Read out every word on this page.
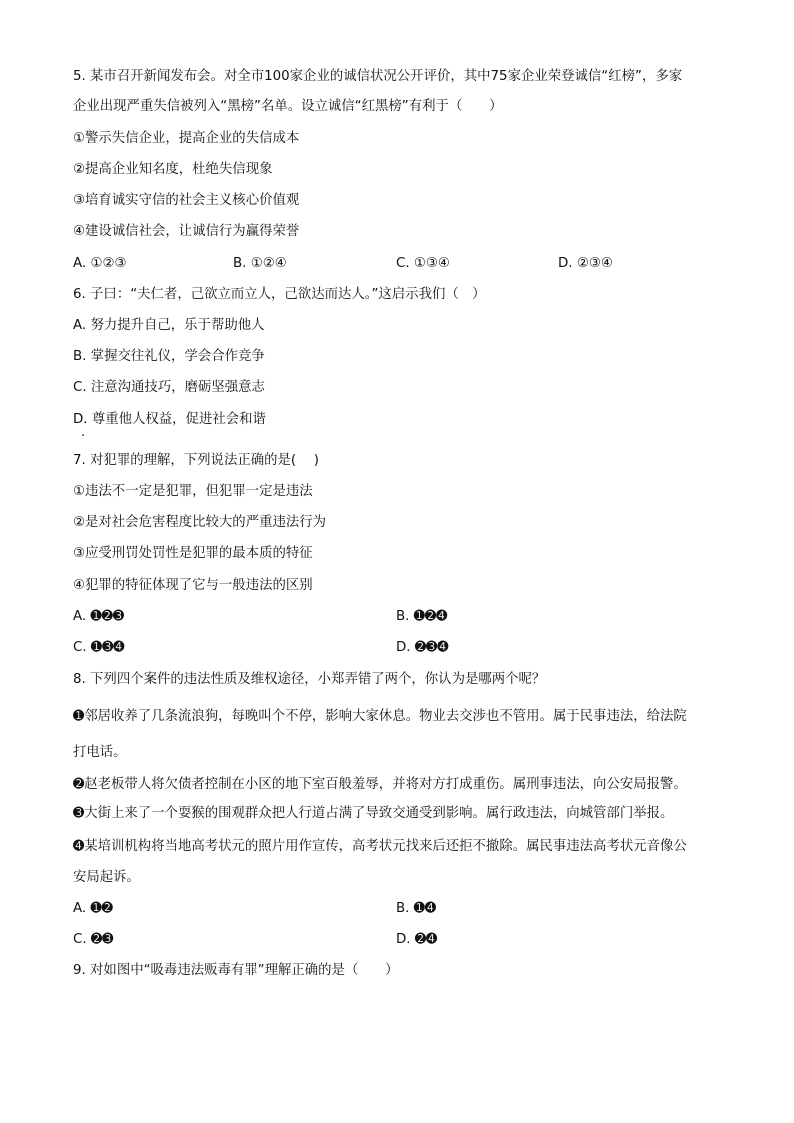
5. 某市召开新闻发布会。对全市100家企业的诚信状况公开评价，其中75家企业荣登诚信“红榜”，多家
企业出现严重失信被列入“黑榜”名单。设立诚信“红黑榜”有利于（　　）
①警示失信企业，提高企业的失信成本
②提高企业知名度，杜绝失信现象
③培育诚实守信的社会主义核心价值观
④建设诚信社会，让诚信行为赢得荣誉
A. ①②③	B. ①②④	C. ①③④	D. ②③④
6. 子曰：“夫仁者，己欲立而立人，己欲达而达人。”这启示我们（　）
A. 努力提升自己，乐于帮助他人
B. 掌握交往礼仪，学会合作竞争
C. 注意沟通技巧，磨砺坚强意志
D. 尊重他人权益，促进社会和谐
7. 对犯罪的理解，下列说法正确的是(　 )
①违法不一定是犯罪，但犯罪一定是违法
②是对社会危害程度比较大的严重违法行为
③应受刑罚处罚性是犯罪的最本质的特征
④犯罪的特征体现了它与一般违法的区别
A. ➊➋➌	B. ➊➋➍
C. ➊➌➍	D. ➋➌➍
8. 下列四个案件的违法性质及维权途径，小郑弄错了两个，你认为是哪两个呢？
➊邻居收养了几条流浪狗，每晚叫个不停，影响大家休息。物业去交涉也不管用。属于民事违法，给法院
打电话。
➋赵老板带人将欠债者控制在小区的地下室百般羞辱，并将对方打成重伤。属刑事违法，向公安局报警。
➌大街上来了一个耍猴的围观群众把人行道占满了导致交通受到影响。属行政违法，向城管部门举报。
➍某培训机构将当地高考状元的照片用作宣传，高考状元找来后还拒不撤除。属民事违法高考状元音像公
安局起诉。
A. ➊➋	B. ➊➍
C. ➋➌	D. ➋➍
9. 对如图中“吸毒违法贩毒有罪”理解正确的是（　　）
